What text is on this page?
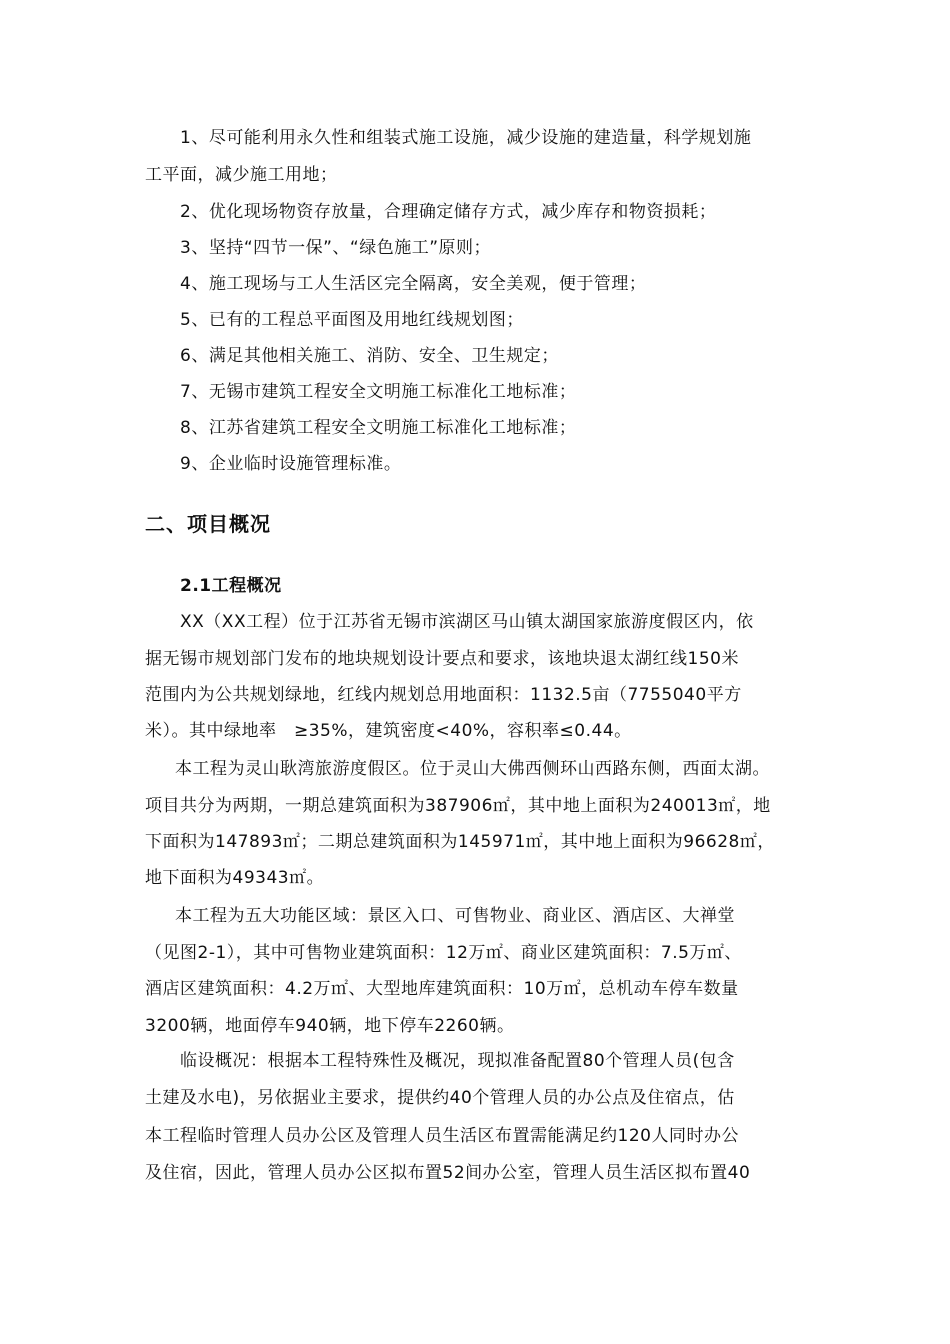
1、尽可能利用永久性和组装式施工设施，减少设施的建造量，科学规划施
工平面，减少施工用地；
2、优化现场物资存放量，合理确定储存方式，减少库存和物资损耗；
3、坚持“四节一保”、“绿色施工”原则；
4、施工现场与工人生活区完全隔离，安全美观，便于管理；
5、已有的工程总平面图及用地红线规划图；
6、满足其他相关施工、消防、安全、卫生规定；
7、无锡市建筑工程安全文明施工标准化工地标准；
8、江苏省建筑工程安全文明施工标准化工地标准；
9、企业临时设施管理标准。
二、项目概况
2.1工程概况
XX（XX工程）位于江苏省无锡市滨湖区马山镇太湖国家旅游度假区内，依
据无锡市规划部门发布的地块规划设计要点和要求，该地块退太湖红线150米
范围内为公共规划绿地，红线内规划总用地面积：1132.5亩（7755040平方
米）。其中绿地率　≥35%，建筑密度<40%，容积率≤0.44。
本工程为灵山耿湾旅游度假区。位于灵山大佛西侧环山西路东侧，西面太湖。
项目共分为两期，一期总建筑面积为387906㎡，其中地上面积为240013㎡，地
下面积为147893㎡；二期总建筑面积为145971㎡，其中地上面积为96628㎡，
地下面积为49343㎡。
本工程为五大功能区域：景区入口、可售物业、商业区、酒店区、大禅堂
（见图2-1），其中可售物业建筑面积：12万㎡、商业区建筑面积：7.5万㎡、
酒店区建筑面积：4.2万㎡、大型地库建筑面积：10万㎡，总机动车停车数量
3200辆，地面停车940辆，地下停车2260辆。
临设概况：根据本工程特殊性及概况，现拟准备配置80个管理人员(包含
土建及水电)，另依据业主要求，提供约40个管理人员的办公点及住宿点，估
本工程临时管理人员办公区及管理人员生活区布置需能满足约120人同时办公
及住宿，因此，管理人员办公区拟布置52间办公室，管理人员生活区拟布置40
